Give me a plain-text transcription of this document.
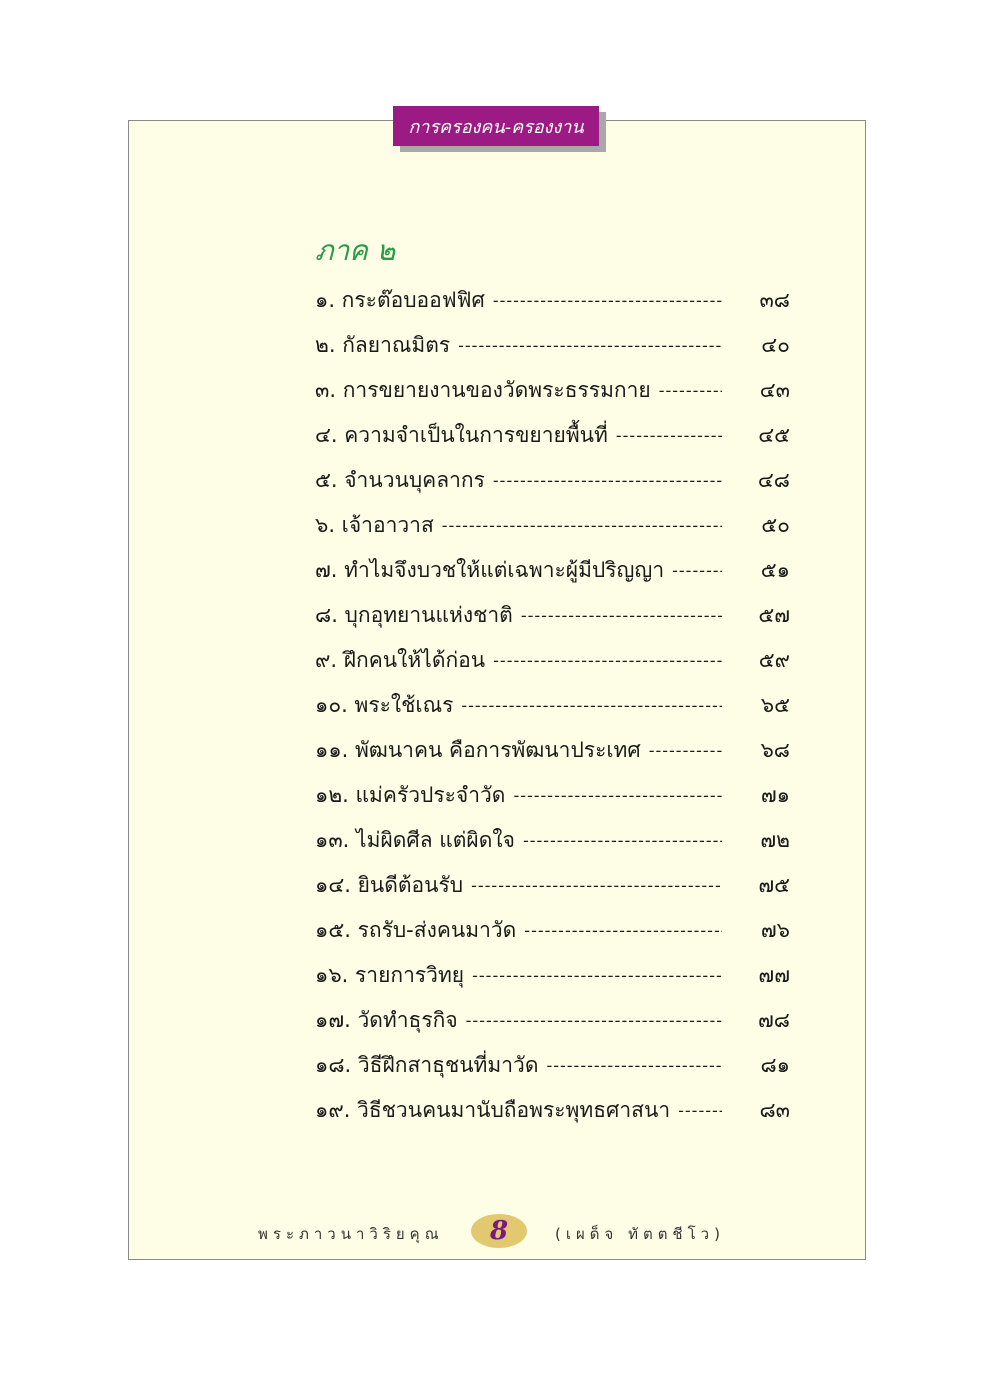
การครองคน-ครองงาน
ภาค ๒
๑. กระต๊อบออฟฟิศ -----	๓๘
๒. กัลยาณมิตร -----	๔๐
๓. การขยายงานของวัดพระธรรมกาย -----	๔๓
๔. ความจำเป็นในการขยายพื้นที่ -----	๔๕
๕. จำนวนบุคลากร -----	๔๘
๖. เจ้าอาวาส -----	๕๐
๗. ทำไมจึงบวชให้แต่เฉพาะผู้มีปริญญา -----	๕๑
๘. บุกอุทยานแห่งชาติ -----	๕๗
๙. ฝึกคนให้ได้ก่อน -----	๕๙
๑๐. พระใช้เณร -----	๖๕
๑๑. พัฒนาคน คือการพัฒนาประเทศ -----	๖๘
๑๒. แม่ครัวประจำวัด -----	๗๑
๑๓. ไม่ผิดศีล แต่ผิดใจ -----	๗๒
๑๔. ยินดีต้อนรับ -----	๗๕
๑๕. รถรับ-ส่งคนมาวัด -----	๗๖
๑๖. รายการวิทยุ -----	๗๗
๑๗. วัดทำธุรกิจ -----	๗๘
๑๘. วิธีฝึกสาธุชนที่มาวัด -----	๘๑
๑๙. วิธีชวนคนมานับถือพระพุทธศาสนา -----	๘๓
พระภาวนาวิริยคุณ	8	(เผด็จ ทัตตชีโว)
